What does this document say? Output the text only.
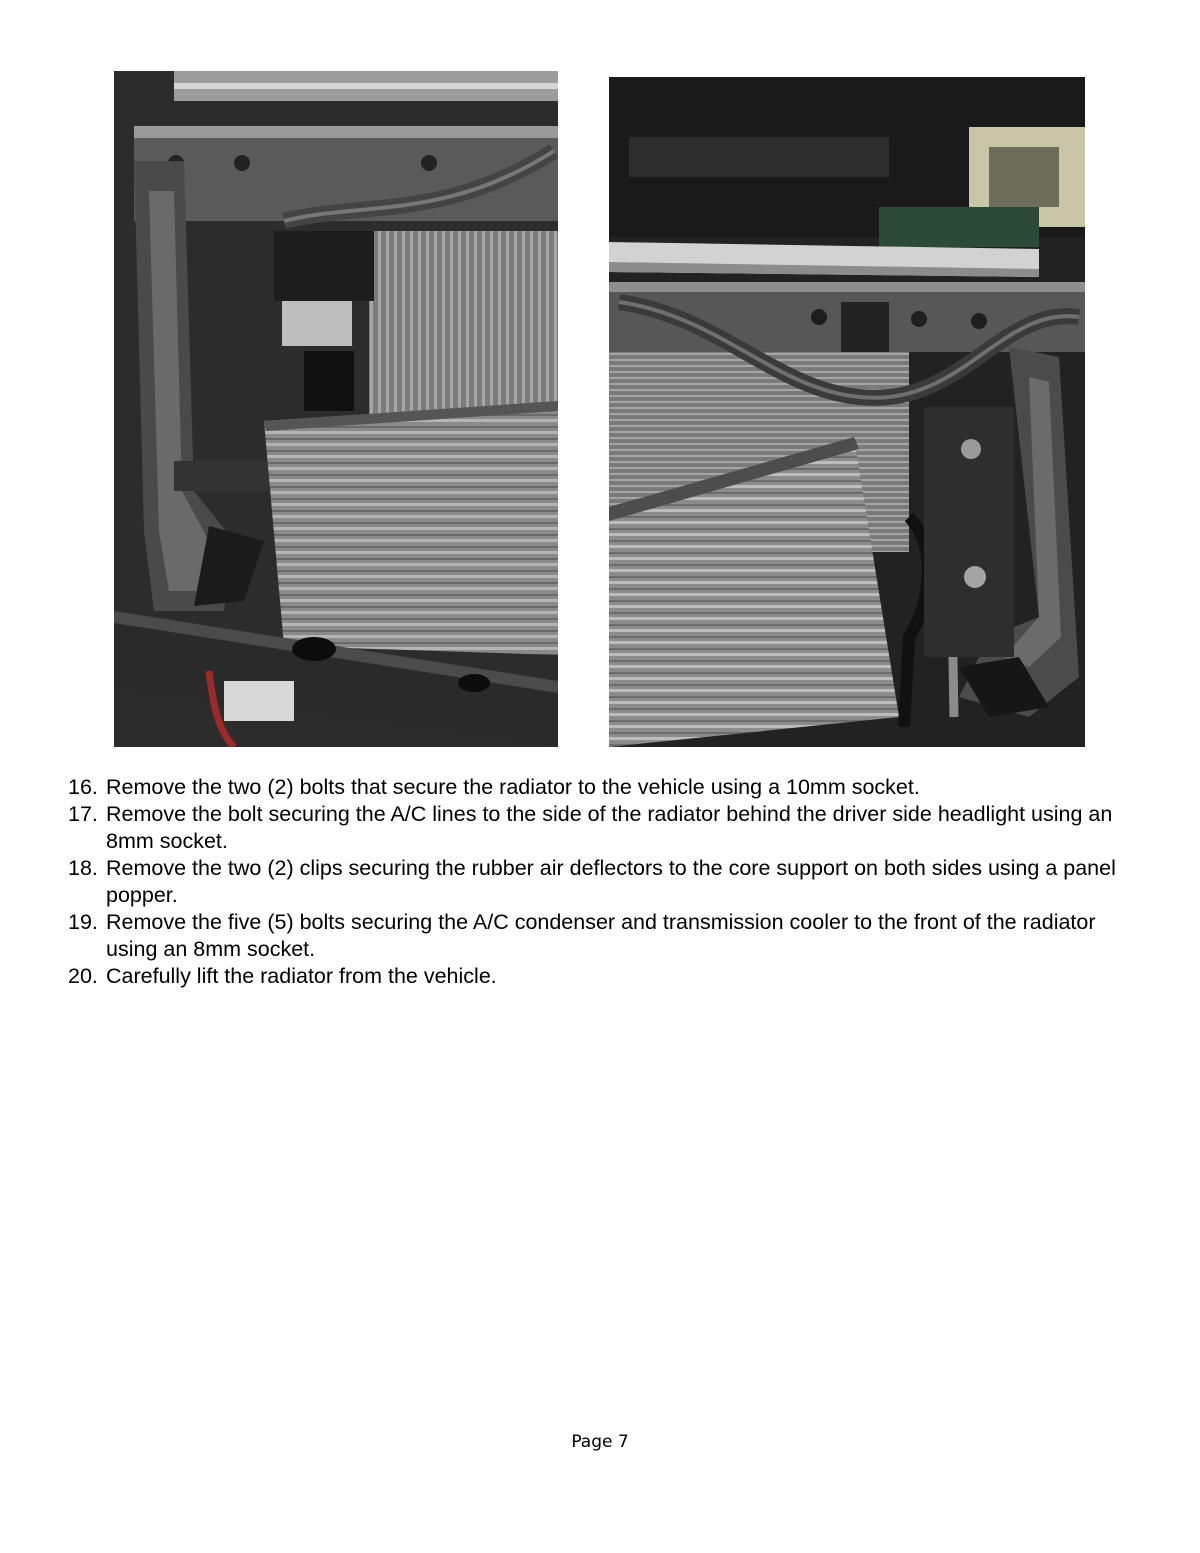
16. Remove the two (2) bolts that secure the radiator to the vehicle using a 10mm socket.
17. Remove the bolt securing the A/C lines to the side of the radiator behind the driver side headlight using an 8mm socket.
18. Remove the two (2) clips securing the rubber air deflectors to the core support on both sides using a panel popper.
19. Remove the five (5) bolts securing the A/C condenser and transmission cooler to the front of the radiator using an 8mm socket.
20. Carefully lift the radiator from the vehicle.
Page 7
